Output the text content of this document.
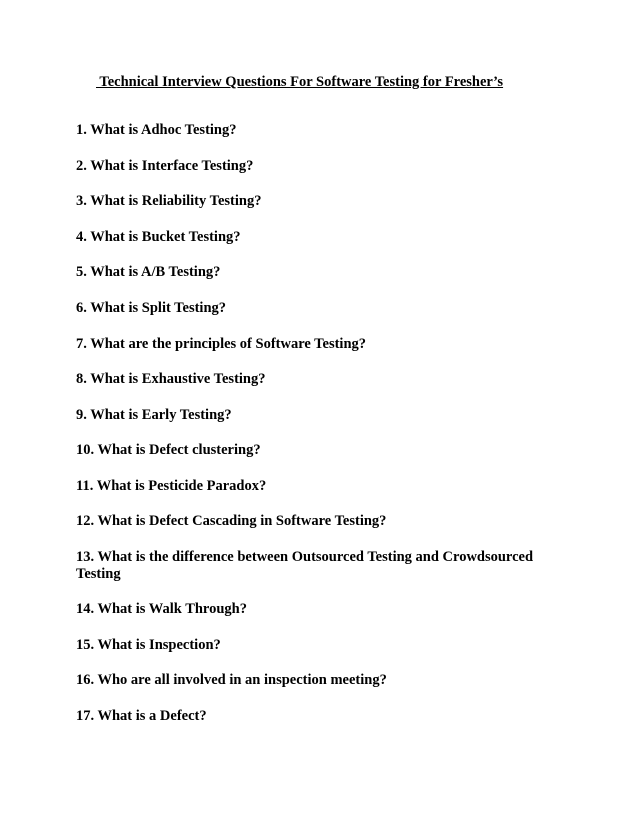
Technical Interview Questions For Software Testing for Fresher’s
1. What is Adhoc Testing?
2. What is Interface Testing?
3. What is Reliability Testing?
4. What is Bucket Testing?
5. What is A/B Testing?
6. What is Split Testing?
7. What are the principles of Software Testing?
8. What is Exhaustive Testing?
9. What is Early Testing?
10. What is Defect clustering?
11. What is Pesticide Paradox?
12. What is Defect Cascading in Software Testing?
13. What is the difference between Outsourced Testing and Crowdsourced Testing
14. What is Walk Through?
15. What is Inspection?
16. Who are all involved in an inspection meeting?
17. What is a Defect?
